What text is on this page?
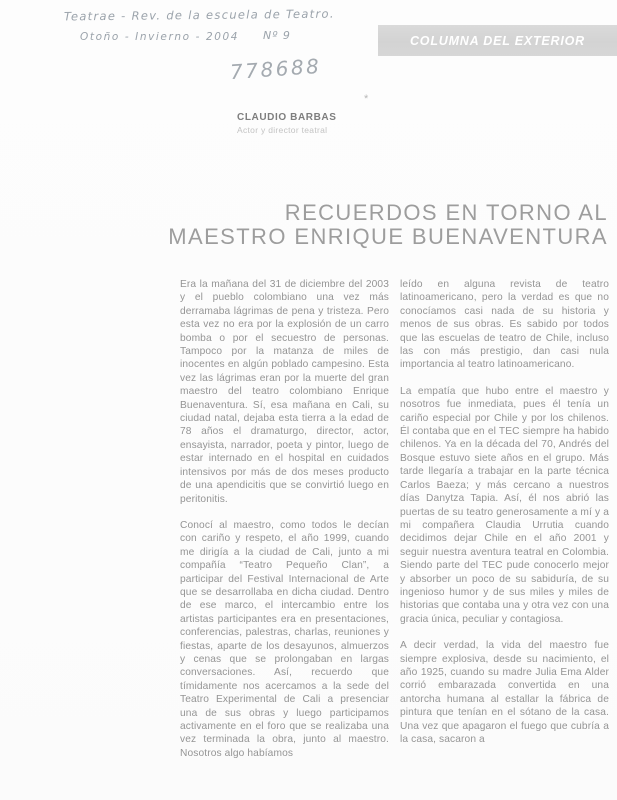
Teatrae - Rev. de la escuela de Teatro.
Otoño - Invierno - 2004 Nº 9
778688
COLUMNA DEL EXTERIOR
*
CLAUDIO BARBAS
Actor y director teatral
RECUERDOS EN TORNO AL
MAESTRO ENRIQUE BUENAVENTURA

Era la mañana del 31 de diciembre del 2003 y el pueblo colombiano una vez más derramaba lágrimas de pena y tristeza. Pero esta vez no era por la explosión de un carro bomba o por el secuestro de personas. Tampoco por la matanza de miles de inocentes en algún poblado campesino. Esta vez las lágrimas eran por la muerte del gran maestro del teatro colombiano Enrique Buenaventura. Sí, esa mañana en Cali, su ciudad natal, dejaba esta tierra a la edad de 78 años el dramaturgo, director, actor, ensayista, narrador, poeta y pintor, luego de estar internado en el hospital en cuidados intensivos por más de dos meses producto de una apendicitis que se convirtió luego en peritonitis.

Conocí al maestro, como todos le decían con cariño y respeto, el año 1999, cuando me dirigía a la ciudad de Cali, junto a mi compañía “Teatro Pequeño Clan”, a participar del Festival Internacional de Arte que se desarrollaba en dicha ciudad. Dentro de ese marco, el intercambio entre los artistas participantes era en presentaciones, conferencias, palestras, charlas, reuniones y fiestas, aparte de los desayunos, almuerzos y cenas que se prolongaban en largas conversaciones. Así, recuerdo que tímidamente nos acercamos a la sede del Teatro Experimental de Cali a presenciar una de sus obras y luego participamos activamente en el foro que se realizaba una vez terminada la obra, junto al maestro. Nosotros algo habíamos

leído en alguna revista de teatro latinoamericano, pero la verdad es que no conocíamos casi nada de su historia y menos de sus obras. Es sabido por todos que las escuelas de teatro de Chile, incluso las con más prestigio, dan casi nula importancia al teatro latinoamericano.

La empatía que hubo entre el maestro y nosotros fue inmediata, pues él tenía un cariño especial por Chile y por los chilenos. Él contaba que en el TEC siempre ha habido chilenos. Ya en la década del 70, Andrés del Bosque estuvo siete años en el grupo. Más tarde llegaría a trabajar en la parte técnica Carlos Baeza; y más cercano a nuestros días Danytza Tapia. Así, él nos abrió las puertas de su teatro generosamente a mí y a mi compañera Claudia Urrutia cuando decidimos dejar Chile en el año 2001 y seguir nuestra aventura teatral en Colombia. Siendo parte del TEC pude conocerlo mejor y absorber un poco de su sabiduría, de su ingenioso humor y de sus miles y miles de historias que contaba una y otra vez con una gracia única, peculiar y contagiosa.

A decir verdad, la vida del maestro fue siempre explosiva, desde su nacimiento, el año 1925, cuando su madre Julia Ema Alder corrió embarazada convertida en una antorcha humana al estallar la fábrica de pintura que tenían en el sótano de la casa. Una vez que apagaron el fuego que cubría a la casa, sacaron a
